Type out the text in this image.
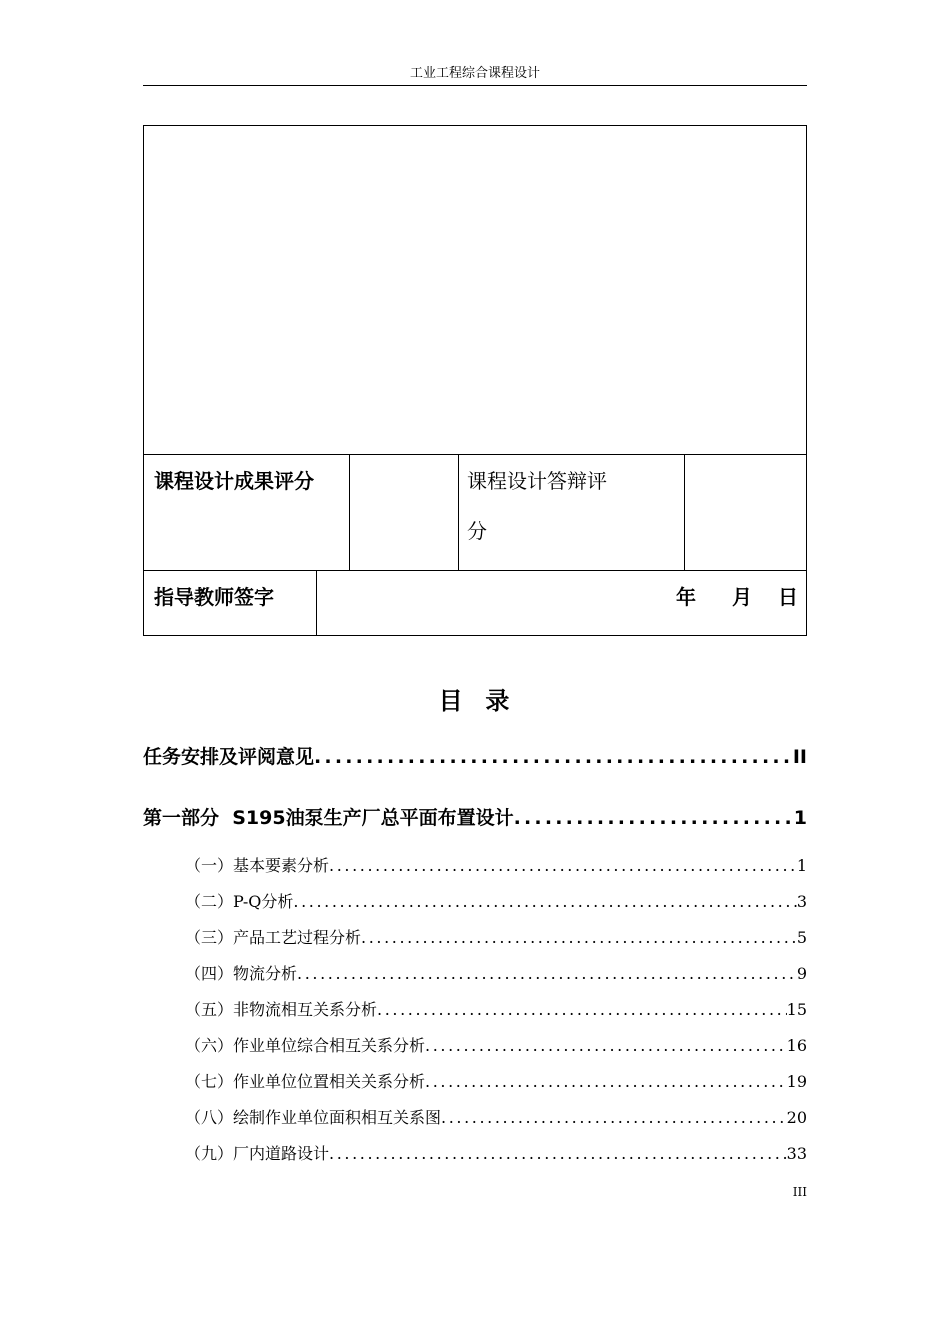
工业工程综合课程设计
课程设计成果评分	课程设计答辩评
分
指导教师签字	年 月 日
目  录
任务安排及评阅意见 .....	II
第一部分  S195油泵生产厂总平面布置设计 .....	1
（一）基本要素分析 .....	1
（二）P-Q分析 .....	3
（三）产品工艺过程分析 .....	5
（四）物流分析 .....	9
（五）非物流相互关系分析 .....	15
（六）作业单位综合相互关系分析 .....	16
（七）作业单位位置相关关系分析 .....	19
（八）绘制作业单位面积相互关系图 .....	20
（九）厂内道路设计 .....	33
III
